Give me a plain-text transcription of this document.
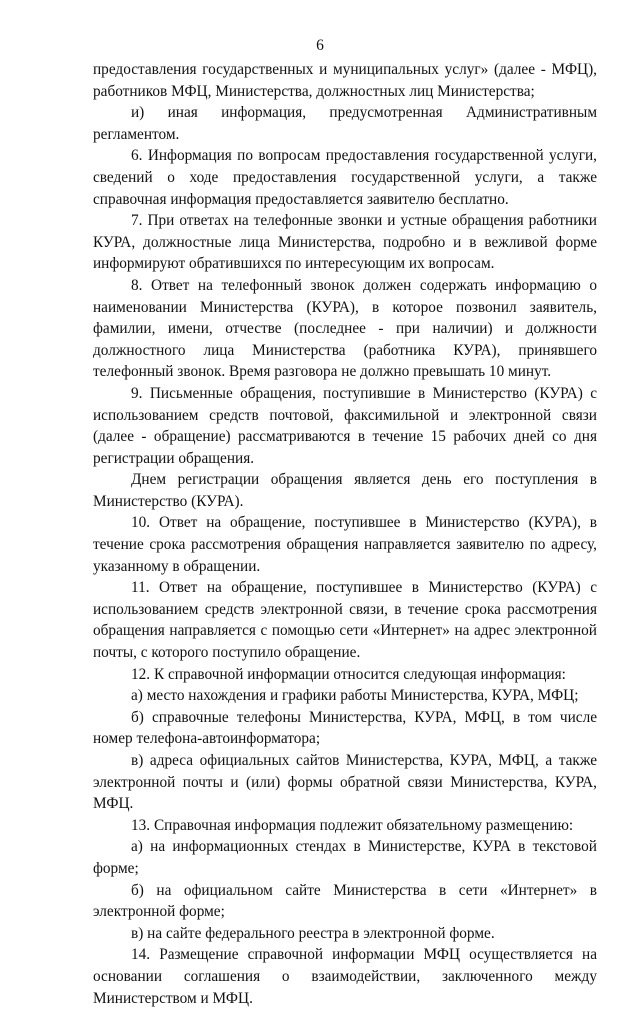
6

предоставления государственных и муниципальных услуг» (далее - МФЦ), работников МФЦ, Министерства, должностных лиц Министерства;

и) иная информация, предусмотренная Административным регламентом.

6. Информация по вопросам предоставления государственной услуги, сведений о ходе предоставления государственной услуги, а также справочная информация предоставляется заявителю бесплатно.

7. При ответах на телефонные звонки и устные обращения работники КУРА, должностные лица Министерства, подробно и в вежливой форме информируют обратившихся по интересующим их вопросам.

8. Ответ на телефонный звонок должен содержать информацию о наименовании Министерства (КУРА), в которое позвонил заявитель, фамилии, имени, отчестве (последнее - при наличии) и должности должностного лица Министерства (работника КУРА), принявшего телефонный звонок. Время разговора не должно превышать 10 минут.

9. Письменные обращения, поступившие в Министерство (КУРА) с использованием средств почтовой, факсимильной и электронной связи (далее - обращение) рассматриваются в течение 15 рабочих дней со дня регистрации обращения.

Днем регистрации обращения является день его поступления в Министерство (КУРА).

10. Ответ на обращение, поступившее в Министерство (КУРА), в течение срока рассмотрения обращения направляется заявителю по адресу, указанному в обращении.

11. Ответ на обращение, поступившее в Министерство (КУРА) с использованием средств электронной связи, в течение срока рассмотрения обращения направляется с помощью сети «Интернет» на адрес электронной почты, с которого поступило обращение.

12. К справочной информации относится следующая информация:

а) место нахождения и графики работы Министерства, КУРА, МФЦ;

б) справочные телефоны Министерства, КУРА, МФЦ, в том числе номер телефона-автоинформатора;

в) адреса официальных сайтов Министерства, КУРА, МФЦ, а также электронной почты и (или) формы обратной связи Министерства, КУРА, МФЦ.

13. Справочная информация подлежит обязательному размещению:

а) на информационных стендах в Министерстве, КУРА в текстовой форме;

б) на официальном сайте Министерства в сети «Интернет» в электронной форме;

в) на сайте федерального реестра в электронной форме.

14. Размещение справочной информации МФЦ осуществляется на основании соглашения о взаимодействии, заключенного между Министерством и МФЦ.
